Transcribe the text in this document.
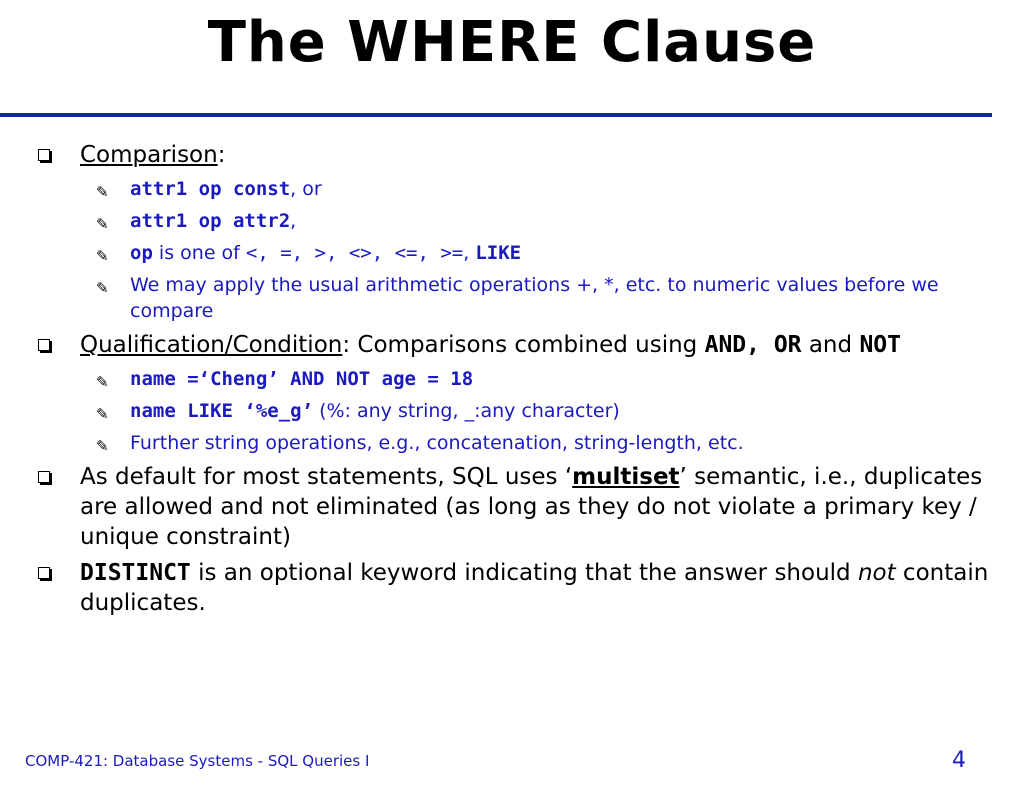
The WHERE Clause
Comparison:
✎ attr1 op const, or
✎ attr1 op attr2,
✎ op is one of <, =, >, <>, <=, >=, LIKE
✎ We may apply the usual arithmetic operations +, *, etc. to numeric values before we compare
Qualification/Condition: Comparisons combined using AND, OR and NOT
✎ name =‘Cheng’ AND NOT age = 18
✎ name LIKE ‘%e_g’ (%: any string, _:any character)
✎ Further string operations, e.g., concatenation, string-length, etc.
As default for most statements, SQL uses ‘multiset’ semantic, i.e., duplicates are allowed and not eliminated (as long as they do not violate a primary key / unique constraint)
DISTINCT is an optional keyword indicating that the answer should not contain duplicates.
COMP-421: Database Systems - SQL Queries I	4
